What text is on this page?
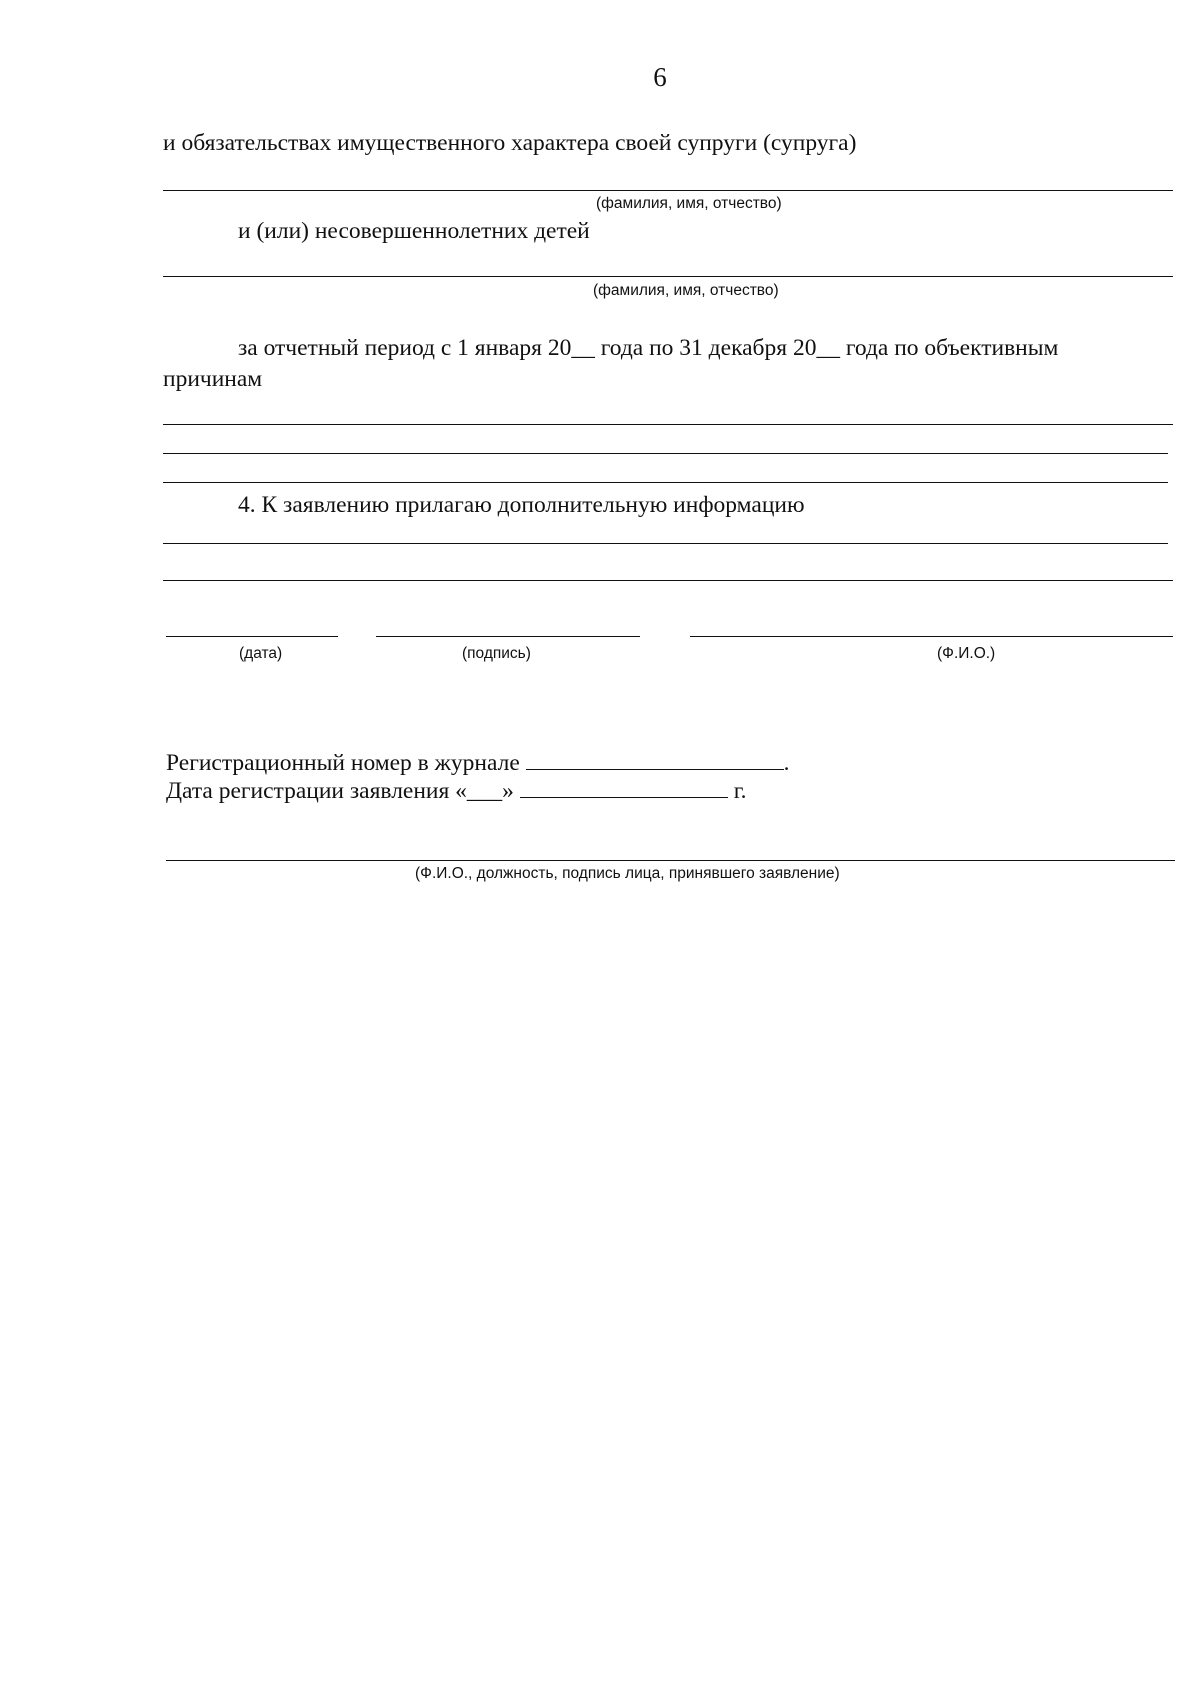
6
и обязательствах имущественного характера своей супруги (супруга)
(фамилия, имя, отчество)
и (или) несовершеннолетних детей
(фамилия, имя, отчество)
за отчетный период с 1 января 20__ года по 31 декабря 20__ года по объективным
причинам
4. К заявлению прилагаю дополнительную информацию
(дата)	(подпись)	(Ф.И.О.)
Регистрационный номер в журнале	.
Дата регистрации заявления «___»	г.
(Ф.И.О., должность, подпись лица, принявшего заявление)
